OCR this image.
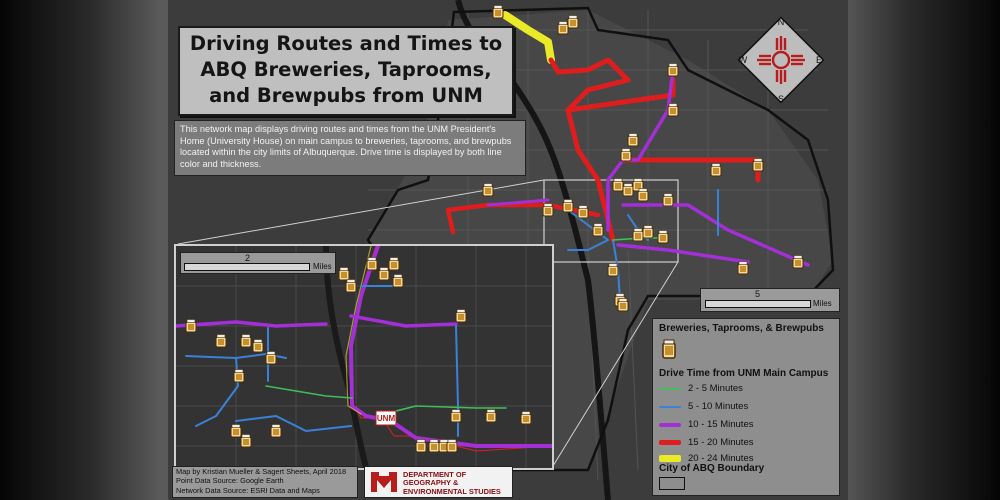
Driving Routes and Times to
ABQ Breweries, Taprooms,
and Brewpubs from UNM

This network map displays driving routes and times from the UNM President's Home (University House) on main campus to breweries, taprooms, and brewpubs located within the city limits of Albuquerque. Drive time is displayed by both line color and thickness.

N
S
E
W
5
Miles
Breweries, Taprooms, & Brewpubs
Drive Time from UNM Main Campus
2 - 5 Minutes
5 - 10 Minutes
10 - 15 Minutes
15 - 20 Minutes
20 - 24 Minutes
City of ABQ Boundary
UNM
2
Miles
Map by Kristian Mueller & Sagert Sheets, April 2018
Point Data Source: Google Earth
Network Data Source: ESRI Data and Maps
DEPARTMENT OF
GEOGRAPHY &
ENVIRONMENTAL STUDIES
